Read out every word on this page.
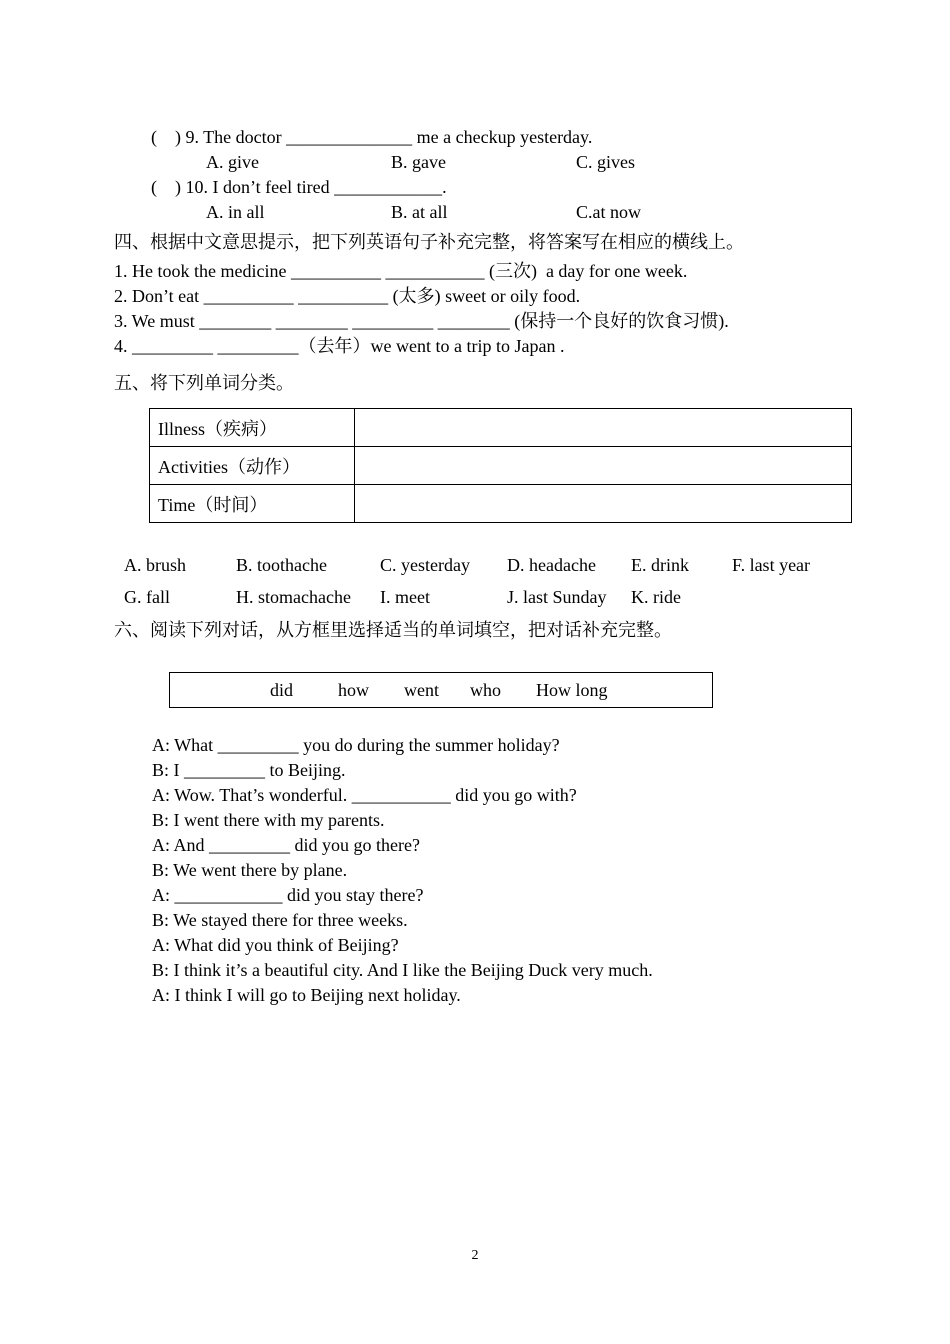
(    ) 9. The doctor ______________ me a checkup yesterday.
A. give	B. gave	C. gives
(    ) 10. I don’t feel tired ____________.
A. in all	B. at all	C.at now
四、根据中文意思提示，把下列英语句子补充完整，将答案写在相应的横线上。
1. He took the medicine __________ ___________ (三次)  a day for one week.
2. Don’t eat __________ __________ (太多) sweet or oily food.
3. We must ________ ________ _________ ________ (保持一个良好的饮食习惯).
4. _________ _________（去年）we went to a trip to Japan .
五、将下列单词分类。
Illness（疾病）	
Activities（动作）	
Time（时间）	
A. brush	B. toothache	C. yesterday D. headache E. drink F. last year
G. fall	H. stomachache I. meet	J. last Sunday K. ride
六、阅读下列对话，从方框里选择适当的单词填空，把对话补充完整。
did how went who How long
A: What _________ you do during the summer holiday?
B: I _________ to Beijing.
A: Wow. That’s wonderful. ___________ did you go with?
B: I went there with my parents.
A: And _________ did you go there?
B: We went there by plane.
A: ____________ did you stay there?
B: We stayed there for three weeks.
A: What did you think of Beijing?
B: I think it’s a beautiful city. And I like the Beijing Duck very much.
A: I think I will go to Beijing next holiday.
2
